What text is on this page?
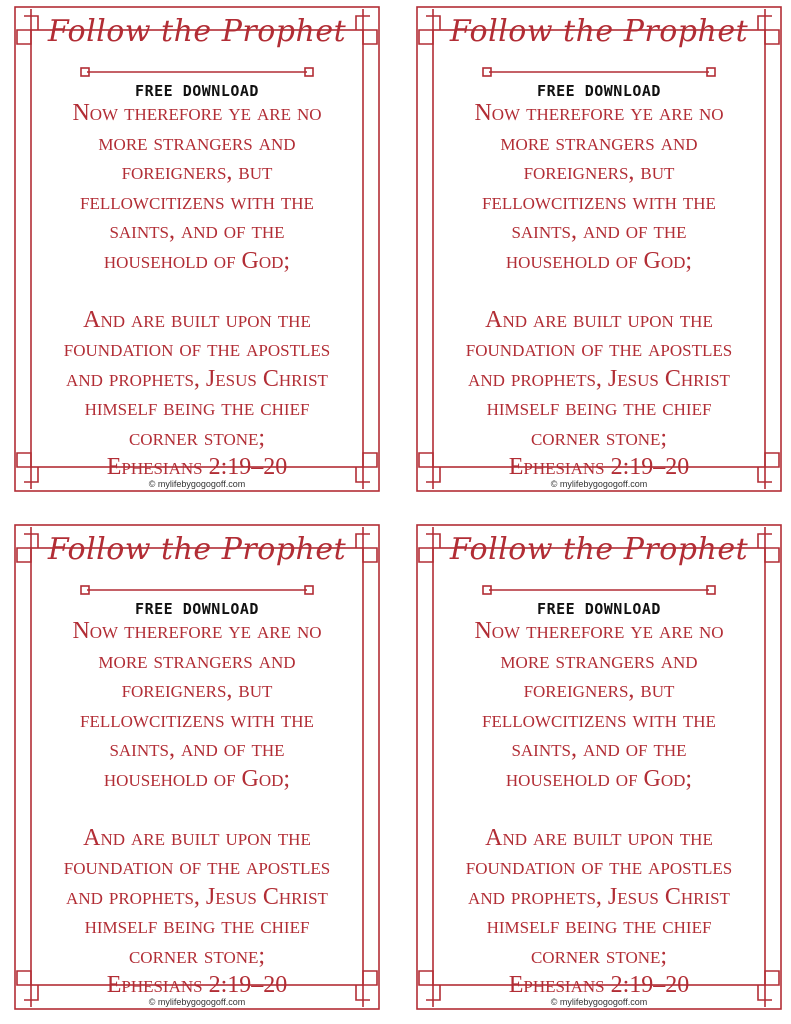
Follow the Prophet
FREE DOWNLOAD
Now therefore ye are no
more strangers and
foreigners, but
fellowcitizens with the
saints, and of the
household of God;
And are built upon the
foundation of the apostles
and prophets, Jesus Christ
himself being the chief
corner stone;
Ephesians 2:19–20
© mylifebygogogoff.com
Follow the Prophet
FREE DOWNLOAD
Now therefore ye are no
more strangers and
foreigners, but
fellowcitizens with the
saints, and of the
household of God;
And are built upon the
foundation of the apostles
and prophets, Jesus Christ
himself being the chief
corner stone;
Ephesians 2:19–20
© mylifebygogogoff.com
Follow the Prophet
FREE DOWNLOAD
Now therefore ye are no
more strangers and
foreigners, but
fellowcitizens with the
saints, and of the
household of God;
And are built upon the
foundation of the apostles
and prophets, Jesus Christ
himself being the chief
corner stone;
Ephesians 2:19–20
© mylifebygogogoff.com
Follow the Prophet
FREE DOWNLOAD
Now therefore ye are no
more strangers and
foreigners, but
fellowcitizens with the
saints, and of the
household of God;
And are built upon the
foundation of the apostles
and prophets, Jesus Christ
himself being the chief
corner stone;
Ephesians 2:19–20
© mylifebygogogoff.com
